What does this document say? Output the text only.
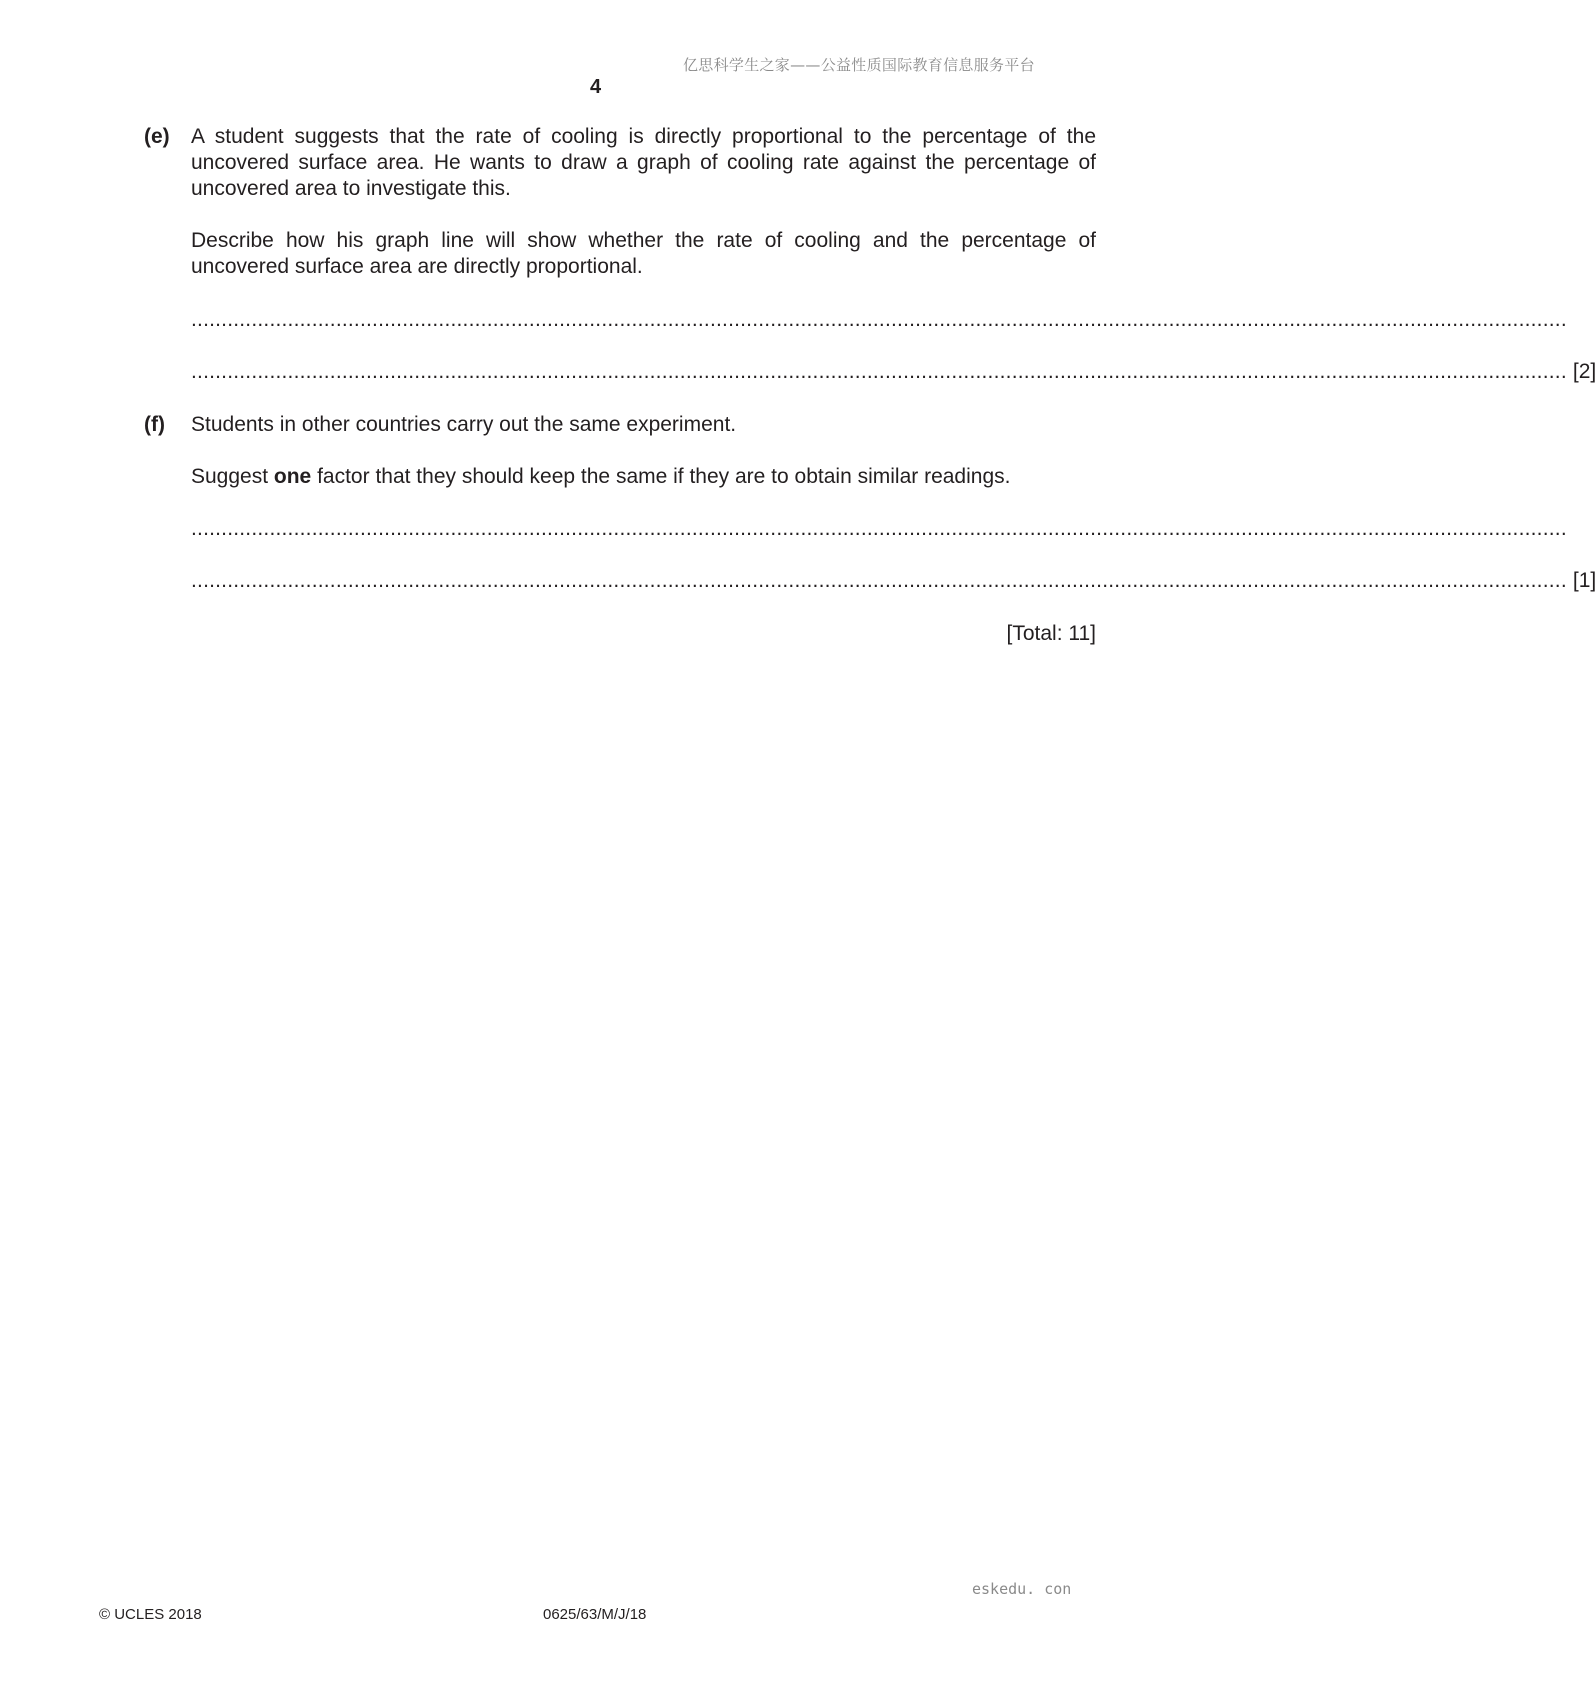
亿思科学生之家——公益性质国际教育信息服务平台
4
(e) A student suggests that the rate of cooling is directly proportional to the percentage of the uncovered surface area. He wants to draw a graph of cooling rate against the percentage of uncovered area to investigate this.

Describe how his graph line will show whether the rate of cooling and the percentage of uncovered surface area are directly proportional.

....................................................................................................................................................................................................................................
.................................................................................................................................................................................................................................... [2]
(f) Students in other countries carry out the same experiment.

Suggest one factor that they should keep the same if they are to obtain similar readings.

....................................................................................................................................................................................................................................
.................................................................................................................................................................................................................................... [1]
[Total: 11]
eskedu. con
© UCLES 2018	0625/63/M/J/18
